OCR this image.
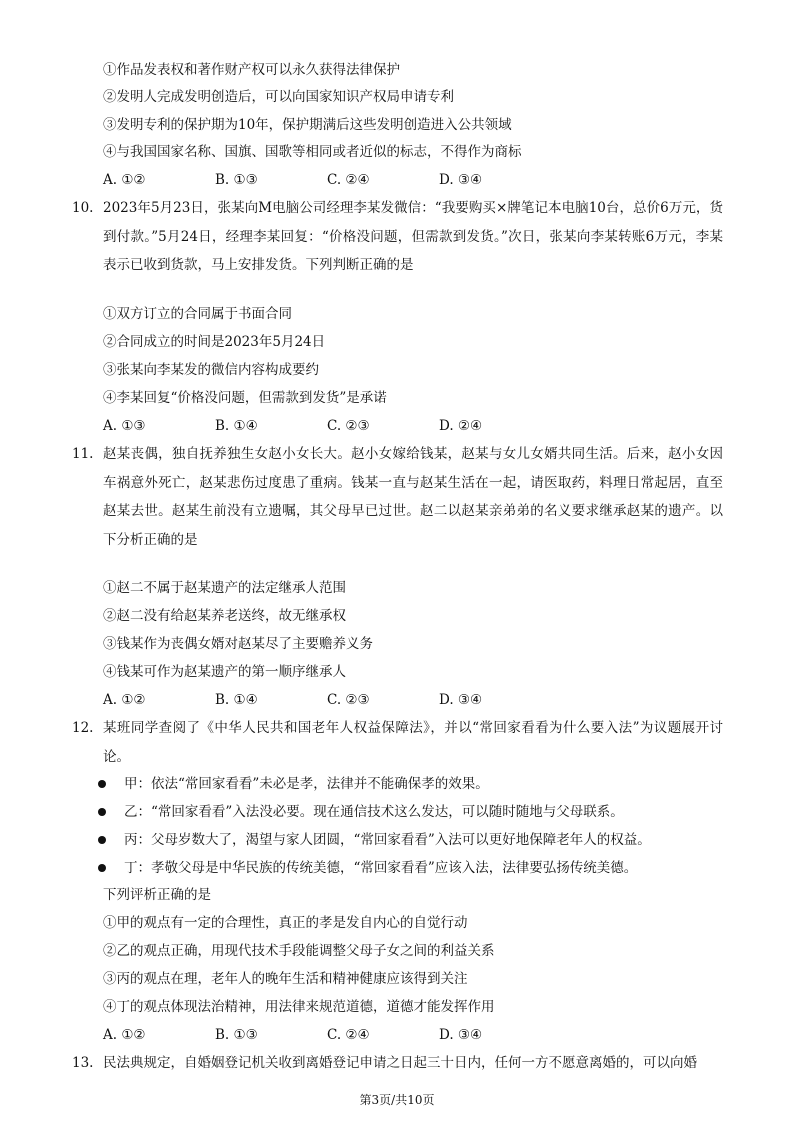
①作品发表权和著作财产权可以永久获得法律保护
②发明人完成发明创造后，可以向国家知识产权局申请专利
③发明专利的保护期为10年，保护期满后这些发明创造进入公共领域
④与我国国家名称、国旗、国歌等相同或者近似的标志，不得作为商标
A. ①②	B. ①③	C. ②④	D. ③④
10. 2023年5月23日，张某向M电脑公司经理李某发微信：“我要购买×牌笔记本电脑10台，总价6万元，货到付款。”5月24日，经理李某回复：“价格没问题，但需款到发货。”次日，张某向李某转账6万元，李某表示已收到货款，马上安排发货。下列判断正确的是
①双方订立的合同属于书面合同
②合同成立的时间是2023年5月24日
③张某向李某发的微信内容构成要约
④李某回复“价格没问题，但需款到发货”是承诺
A. ①③	B. ①④	C. ②③	D. ②④
11. 赵某丧偶，独自抚养独生女赵小女长大。赵小女嫁给钱某，赵某与女儿女婿共同生活。后来，赵小女因车祸意外死亡，赵某悲伤过度患了重病。钱某一直与赵某生活在一起，请医取药，料理日常起居，直至赵某去世。赵某生前没有立遗嘱，其父母早已过世。赵二以赵某亲弟弟的名义要求继承赵某的遗产。以下分析正确的是
①赵二不属于赵某遗产的法定继承人范围
②赵二没有给赵某养老送终，故无继承权
③钱某作为丧偶女婿对赵某尽了主要赡养义务
④钱某可作为赵某遗产的第一顺序继承人
A. ①②	B. ①④	C. ②③	D. ③④
12. 某班同学查阅了《中华人民共和国老年人权益保障法》，并以“常回家看看为什么要入法”为议题展开讨论。
甲：依法“常回家看看”未必是孝，法律并不能确保孝的效果。
乙：“常回家看看”入法没必要。现在通信技术这么发达，可以随时随地与父母联系。
丙：父母岁数大了，渴望与家人团圆，“常回家看看”入法可以更好地保障老年人的权益。
丁：孝敬父母是中华民族的传统美德，“常回家看看”应该入法，法律要弘扬传统美德。
下列评析正确的是
①甲的观点有一定的合理性，真正的孝是发自内心的自觉行动
②乙的观点正确，用现代技术手段能调整父母子女之间的利益关系
③丙的观点在理，老年人的晚年生活和精神健康应该得到关注
④丁的观点体现法治精神，用法律来规范道德，道德才能发挥作用
A. ①②	B. ①③	C. ②④	D. ③④
13. 民法典规定，自婚姻登记机关收到离婚登记申请之日起三十日内，任何一方不愿意离婚的，可以向婚
第3页/共10页
